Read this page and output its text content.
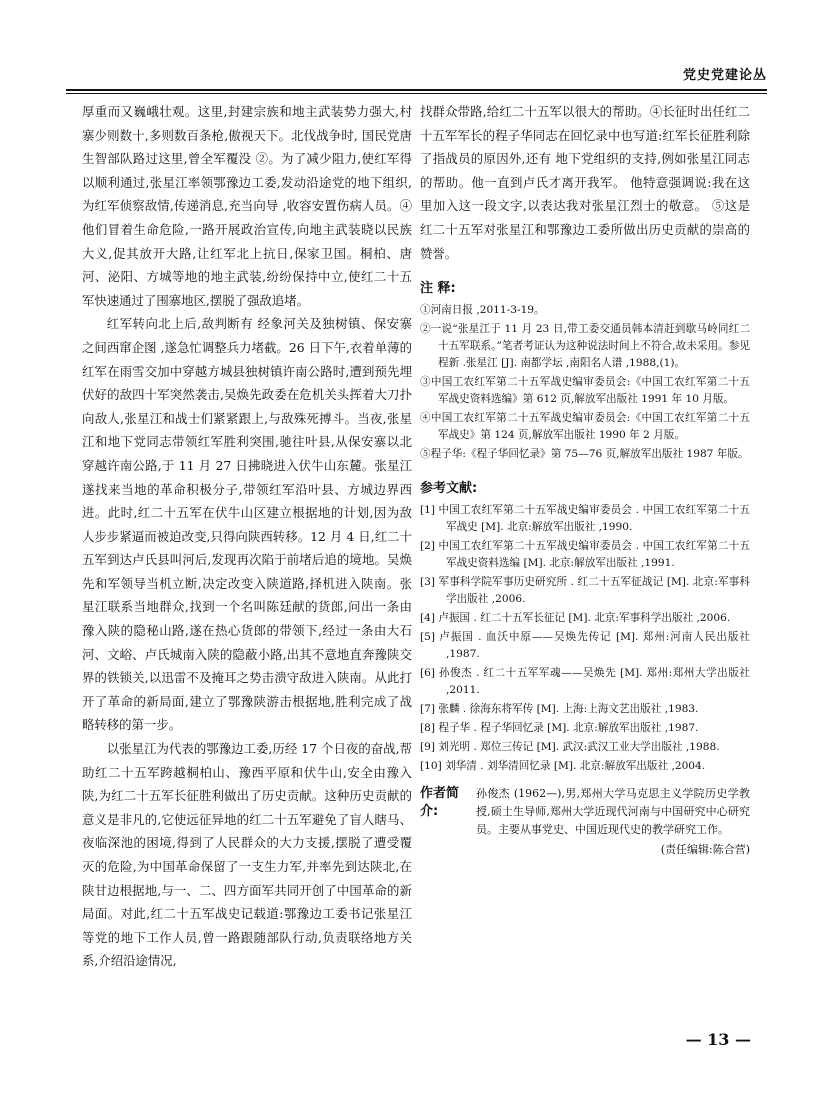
党史党建论丛

厚重而又巍峨壮观。这里,封建宗族和地主武装势力强大,村寨少则数十,多则数百条枪,傲视天下。北伐战争时, 国民党唐生智部队路过这里,曾全军覆没 ②。为了减少阻力,使红军得以顺利通过,张星江率领鄂豫边工委,发动沿途党的地下组织, 为红军侦察敌情,传递消息,充当向导 ,收容安置伤病人员。④他们冒着生命危险,一路开展政治宣传,向地主武装晓以民族大义,促其放开大路,让红军北上抗日,保家卫国。桐柏、唐河、泌阳、方城等地的地主武装,纷纷保持中立,使红二十五军快速通过了围寨地区,摆脱了强敌追堵。

红军转向北上后,敌判断有 经象河关及独树镇、保安寨之间西窜企图 ,遂急忙调整兵力堵截。26 日下午,衣着单薄的红军在雨雪交加中穿越方城县独树镇许南公路时,遭到预先埋伏好的敌四十军突然袭击,吴焕先政委在危机关头挥着大刀扑向敌人,张星江和战士们紧紧跟上,与敌殊死搏斗。当夜,张星江和地下党同志带领红军胜利突围,驰往叶县,从保安寨以北穿越许南公路,于 11 月 27 日拂晓进入伏牛山东麓。张星江遂找来当地的革命积极分子,带领红军沿叶县、方城边界西进。此时,红二十五军在伏牛山区建立根据地的计划,因为敌人步步紧逼而被迫改变,只得向陕西转移。12 月 4 日,红二十五军到达卢氏县叫河后,发现再次陷于前堵后追的境地。吴焕先和军领导当机立断,决定改变入陕道路,择机进入陕南。张星江联系当地群众,找到一个名叫陈廷献的货郎,问出一条由豫入陕的隐秘山路,遂在热心货郎的带领下,经过一条由大石河、文峪、卢氏城南入陕的隐蔽小路,出其不意地直奔豫陕交界的铁锁关,以迅雷不及掩耳之势击溃守敌进入陕南。从此打开了革命的新局面,建立了鄂豫陕游击根据地,胜利完成了战略转移的第一步。

以张星江为代表的鄂豫边工委,历经 17 个日夜的奋战,帮助红二十五军跨越桐柏山、豫西平原和伏牛山,安全由豫入陕,为红二十五军长征胜利做出了历史贡献。这种历史贡献的意义是非凡的,它使远征异地的红二十五军避免了盲人瞎马、夜临深池的困境,得到了人民群众的大力支援,摆脱了遭受覆灭的危险,为中国革命保留了一支生力军,并率先到达陕北,在陕甘边根据地,与一、二、四方面军共同开创了中国革命的新局面。对此,红二十五军战史记载道:鄂豫边工委书记张星江等党的地下工作人员,曾一路跟随部队行动,负责联络地方关系,介绍沿途情况,

找群众带路,给红二十五军以很大的帮助。④长征时出任红二十五军军长的程子华同志在回忆录中也写道:红军长征胜利除了指战员的原因外,还有 地下党组织的支持,例如张星江同志的帮助。他一直到卢氏才离开我军。 他特意强调说:我在这里加入这一段文字,以表达我对张星江烈士的敬意。 ⑤这是红二十五军对张星江和鄂豫边工委所做出历史贡献的崇高的赞誉。

注 释:

①河南日报 ,2011-3-19。

②一说“张星江于 11 月 23 日,带工委交通员韩本清赶到歇马岭同红二十五军联系。”笔者考证认为这种说法时间上不符合,故未采用。参见程新 .张星江 [J]. 南都学坛 ,南阳名人谱 ,1988,(1)。

③中国工农红军第二十五军战史编审委员会:《中国工农红军第二十五军战史资料选编》第 612 页,解放军出版社 1991 年 10 月版。

④中国工农红军第二十五军战史编审委员会:《中国工农红军第二十五军战史》第 124 页,解放军出版社 1990 年 2 月版。

⑤程子华:《程子华回忆录》第 75—76 页,解放军出版社 1987 年版。

参考文献:

[1] 中国工农红军第二十五军战史编审委员会 . 中国工农红军第二十五军战史 [M]. 北京:解放军出版社 ,1990.

[2] 中国工农红军第二十五军战史编审委员会 . 中国工农红军第二十五军战史资料选编 [M]. 北京:解放军出版社 ,1991.

[3] 军事科学院军事历史研究所 . 红二十五军征战记 [M]. 北京:军事科学出版社 ,2006.

[4] 卢振国 . 红二十五军长征记 [M]. 北京:军事科学出版社 ,2006.

[5] 卢振国 . 血沃中原——吴焕先传记 [M]. 郑州:河南人民出版社 ,1987.

[6] 孙俊杰 . 红二十五军军魂——吴焕先 [M]. 郑州:郑州大学出版社 ,2011.

[7] 张麟 . 徐海东将军传 [M]. 上海:上海文艺出版社 ,1983.

[8] 程子华 . 程子华回忆录 [M]. 北京:解放军出版社 ,1987.

[9] 刘光明 . 郑位三传记 [M]. 武汉:武汉工业大学出版社 ,1988.

[10] 刘华清 . 刘华清回忆录 [M]. 北京:解放军出版社 ,2004.

作者简介:
孙俊杰 (1962—),男,郑州大学马克思主义学院历史学教授,硕士生导师,郑州大学近现代河南与中国研究中心研究员。主要从事党史、中国近现代史的教学研究工作。
(责任编辑:陈合营)
— 13 —
